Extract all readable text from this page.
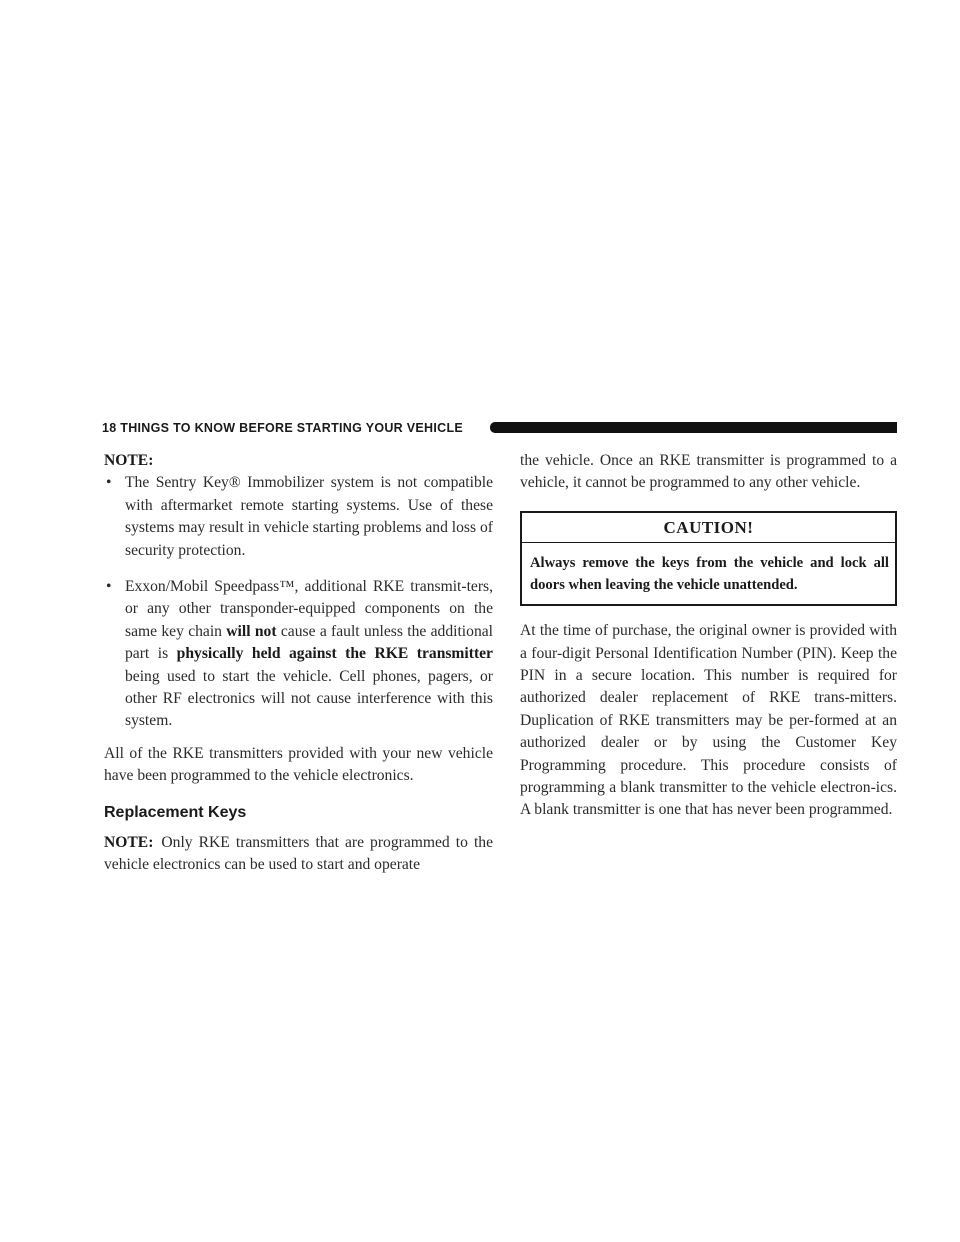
18 THINGS TO KNOW BEFORE STARTING YOUR VEHICLE

NOTE:

• The Sentry Key® Immobilizer system is not compatible with aftermarket remote starting systems. Use of these systems may result in vehicle starting problems and loss of security protection.
• Exxon/Mobil Speedpass™, additional RKE transmit-ters, or any other transponder-equipped components on the same key chain will not cause a fault unless the additional part is physically held against the RKE transmitter being used to start the vehicle. Cell phones, pagers, or other RF electronics will not cause interference with this system.

All of the RKE transmitters provided with your new vehicle have been programmed to the vehicle electronics.

Replacement Keys

NOTE: Only RKE transmitters that are programmed to the vehicle electronics can be used to start and operate

the vehicle. Once an RKE transmitter is programmed to a vehicle, it cannot be programmed to any other vehicle.

CAUTION!
Always remove the keys from the vehicle and lock all doors when leaving the vehicle unattended.

At the time of purchase, the original owner is provided with a four-digit Personal Identification Number (PIN). Keep the PIN in a secure location. This number is required for authorized dealer replacement of RKE trans-mitters. Duplication of RKE transmitters may be per-formed at an authorized dealer or by using the Customer Key Programming procedure. This procedure consists of programming a blank transmitter to the vehicle electron-ics. A blank transmitter is one that has never been programmed.
